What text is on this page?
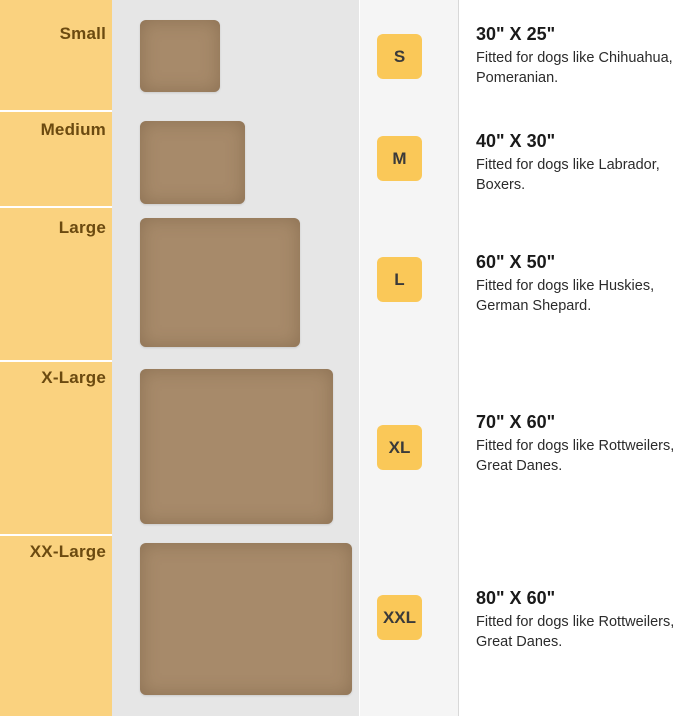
Small
Medium
Large
X-Large
XX-Large
S
M
L
XL
XXL

30" X 25"

Fitted for dogs like Chihuahua, Pomeranian.

40" X 30"

Fitted for dogs like Labrador, Boxers.

60" X 50"

Fitted for dogs like Huskies, German Shepard.

70" X 60"

Fitted for dogs like Rottweilers, Great Danes.

80" X 60"

Fitted for dogs like Rottweilers, Great Danes.
